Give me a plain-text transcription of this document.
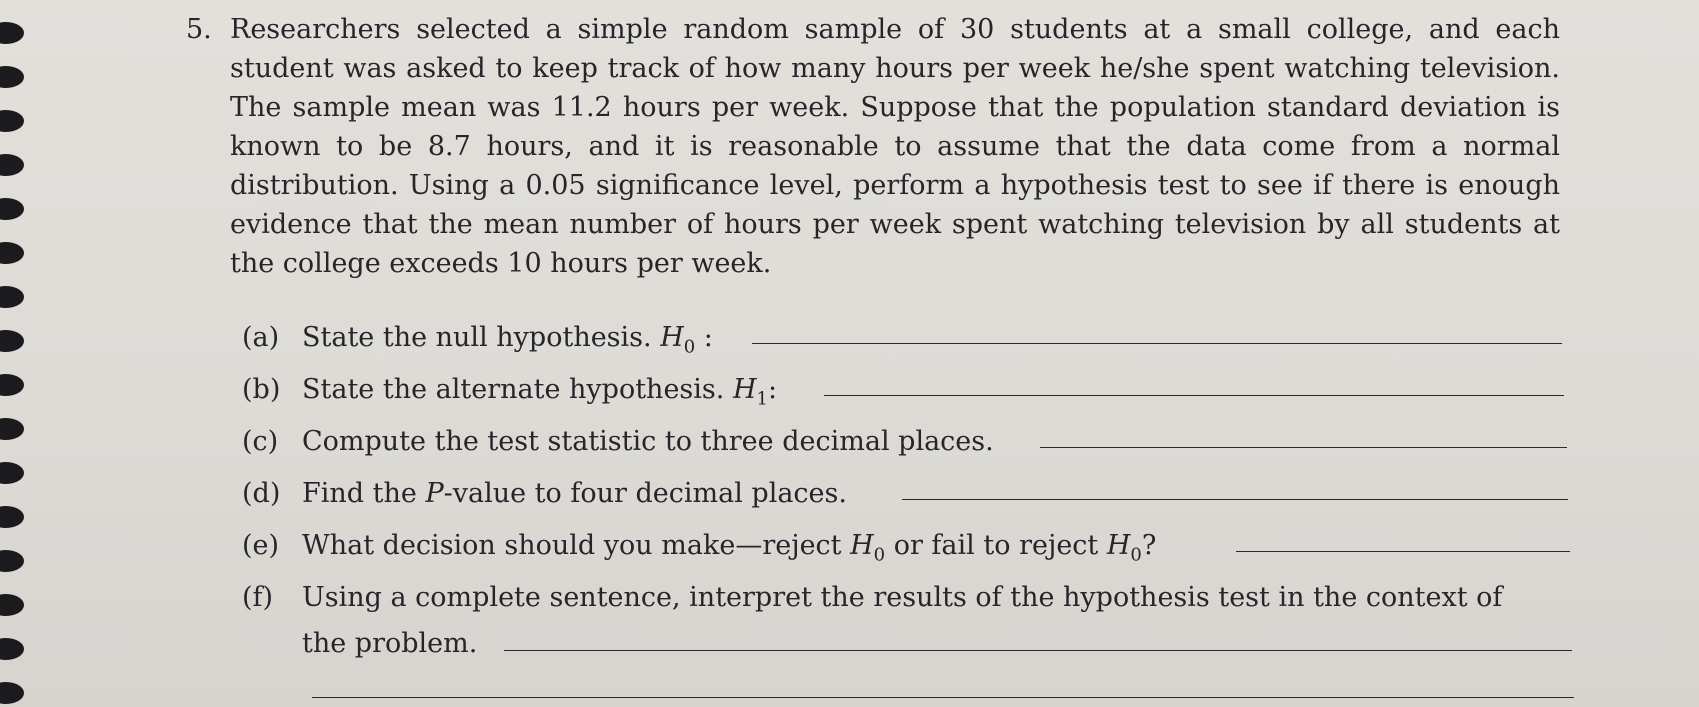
5. Researchers selected a simple random sample of 30 students at a small college, and each student was asked to keep track of how many hours per week he/she spent watching television. The sample mean was 11.2 hours per week. Suppose that the population standard deviation is known to be 8.7 hours, and it is reasonable to assume that the data come from a normal distribution. Using a 0.05 significance level, perform a hypothesis test to see if there is enough evidence that the mean number of hours per week spent watching television by all students at the college exceeds 10 hours per week.
(a) State the null hypothesis. $H_0$ :
(b) State the alternate hypothesis. $H_1$:
(c) Compute the test statistic to three decimal places.
(d) Find the P-value to four decimal places.
(e) What decision should you make—reject $H_0$ or fail to reject $H_0$?
(f) Using a complete sentence, interpret the results of the hypothesis test in the context of
the problem.
